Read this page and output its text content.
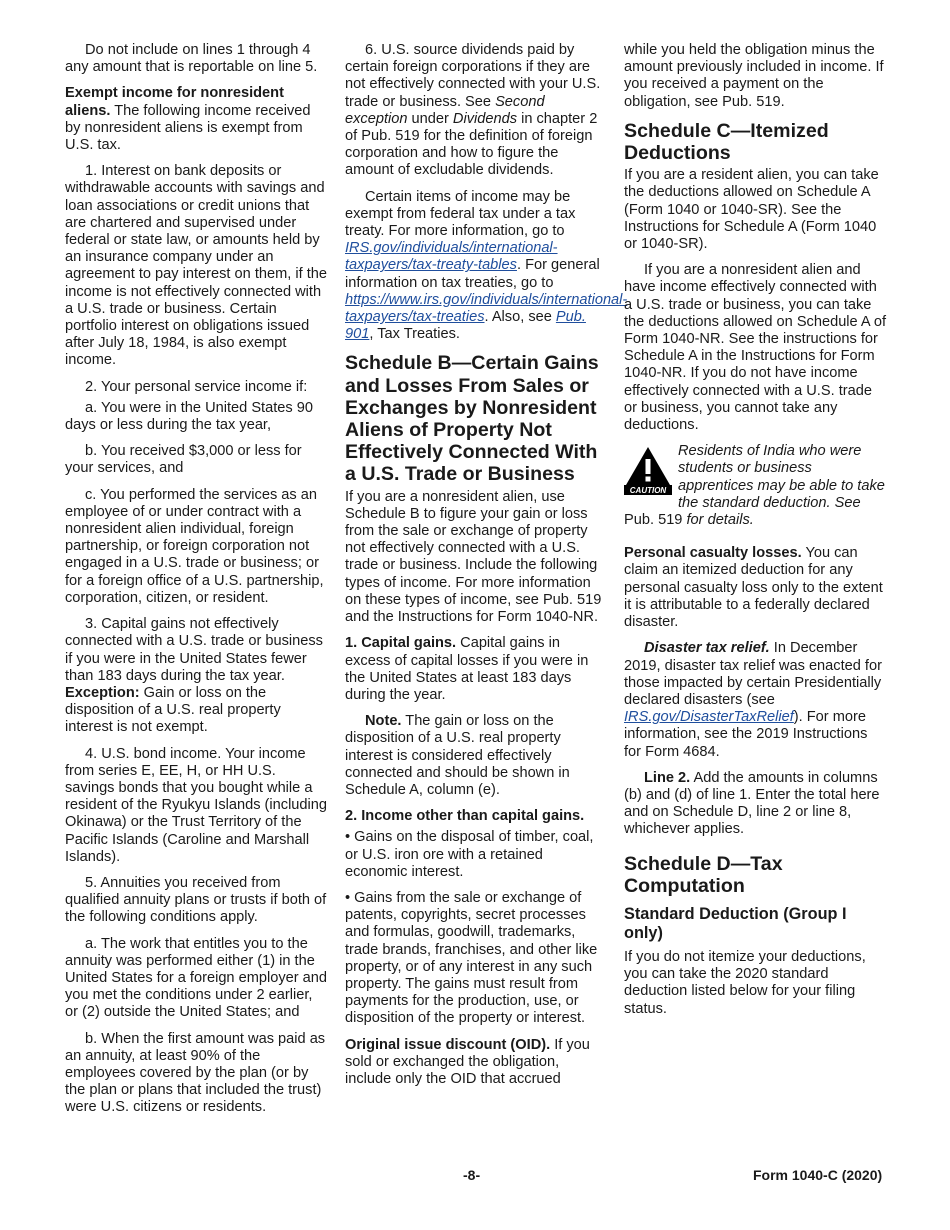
Do not include on lines 1 through 4 any amount that is reportable on line 5.

Exempt income for nonresident aliens. The following income received by nonresident aliens is exempt from U.S. tax.

1. Interest on bank deposits or withdrawable accounts with savings and loan associations or credit unions that are chartered and supervised under federal or state law, or amounts held by an insurance company under an agreement to pay interest on them, if the income is not effectively connected with a U.S. trade or business. Certain portfolio interest on obligations issued after July 18, 1984, is also exempt income.

2. Your personal service income if:

a. You were in the United States 90 days or less during the tax year,

b. You received $3,000 or less for your services, and

c. You performed the services as an employee of or under contract with a nonresident alien individual, foreign partnership, or foreign corporation not engaged in a U.S. trade or business; or for a foreign office of a U.S. partnership, corporation, citizen, or resident.

3. Capital gains not effectively connected with a U.S. trade or business if you were in the United States fewer than 183 days during the tax year. Exception: Gain or loss on the disposition of a U.S. real property interest is not exempt.

4. U.S. bond income. Your income from series E, EE, H, or HH U.S. savings bonds that you bought while a resident of the Ryukyu Islands (including Okinawa) or the Trust Territory of the Pacific Islands (Caroline and Marshall Islands).

5. Annuities you received from qualified annuity plans or trusts if both of the following conditions apply.

a. The work that entitles you to the annuity was performed either (1) in the United States for a foreign employer and you met the conditions under 2 earlier, or (2) outside the United States; and

b. When the first amount was paid as an annuity, at least 90% of the employees covered by the plan (or by the plan or plans that included the trust) were U.S. citizens or residents.

6. U.S. source dividends paid by certain foreign corporations if they are not effectively connected with your U.S. trade or business. See Second exception under Dividends in chapter 2 of Pub. 519 for the definition of foreign corporation and how to figure the amount of excludable dividends.

Certain items of income may be exempt from federal tax under a tax treaty. For more information, go to IRS.gov/individuals/international-taxpayers/tax-treaty-tables. For general information on tax treaties, go to https://www.irs.gov/individuals/international-taxpayers/tax-treaties. Also, see Pub. 901, Tax Treaties.

Schedule B—Certain Gains and Losses From Sales or Exchanges by Nonresident Aliens of Property Not Effectively Connected With a U.S. Trade or Business

If you are a nonresident alien, use Schedule B to figure your gain or loss from the sale or exchange of property not effectively connected with a U.S. trade or business. Include the following types of income. For more information on these types of income, see Pub. 519 and the Instructions for Form 1040-NR.

1. Capital gains. Capital gains in excess of capital losses if you were in the United States at least 183 days during the year.

Note. The gain or loss on the disposition of a U.S. real property interest is considered effectively connected and should be shown in Schedule A, column (e).

2. Income other than capital gains.

• Gains on the disposal of timber, coal, or U.S. iron ore with a retained economic interest.

• Gains from the sale or exchange of patents, copyrights, secret processes and formulas, goodwill, trademarks, trade brands, franchises, and other like property, or of any interest in any such property. The gains must result from payments for the production, use, or disposition of the property or interest.

Original issue discount (OID). If you sold or exchanged the obligation, include only the OID that accrued

while you held the obligation minus the amount previously included in income. If you received a payment on the obligation, see Pub. 519.

Schedule C—Itemized Deductions

If you are a resident alien, you can take the deductions allowed on Schedule A (Form 1040 or 1040-SR). See the Instructions for Schedule A (Form 1040 or 1040-SR).

If you are a nonresident alien and have income effectively connected with a U.S. trade or business, you can take the deductions allowed on Schedule A of Form 1040-NR. See the instructions for Schedule A in the Instructions for Form 1040-NR. If you do not have income effectively connected with a U.S. trade or business, you cannot take any deductions.

CAUTION
Residents of India who were students or business apprentices may be able to take the standard deduction. See Pub. 519 for details.

Personal casualty losses. You can claim an itemized deduction for any personal casualty loss only to the extent it is attributable to a federally declared disaster.

Disaster tax relief. In December 2019, disaster tax relief was enacted for those impacted by certain Presidentially declared disasters (see IRS.gov/DisasterTaxRelief). For more information, see the 2019 Instructions for Form 4684.

Line 2. Add the amounts in columns (b) and (d) of line 1. Enter the total here and on Schedule D, line 2 or line 8, whichever applies.

Schedule D—Tax Computation
Standard Deduction (Group I only)

If you do not itemize your deductions, you can take the 2020 standard deduction listed below for your filing status.

-8-	Form 1040-C (2020)
